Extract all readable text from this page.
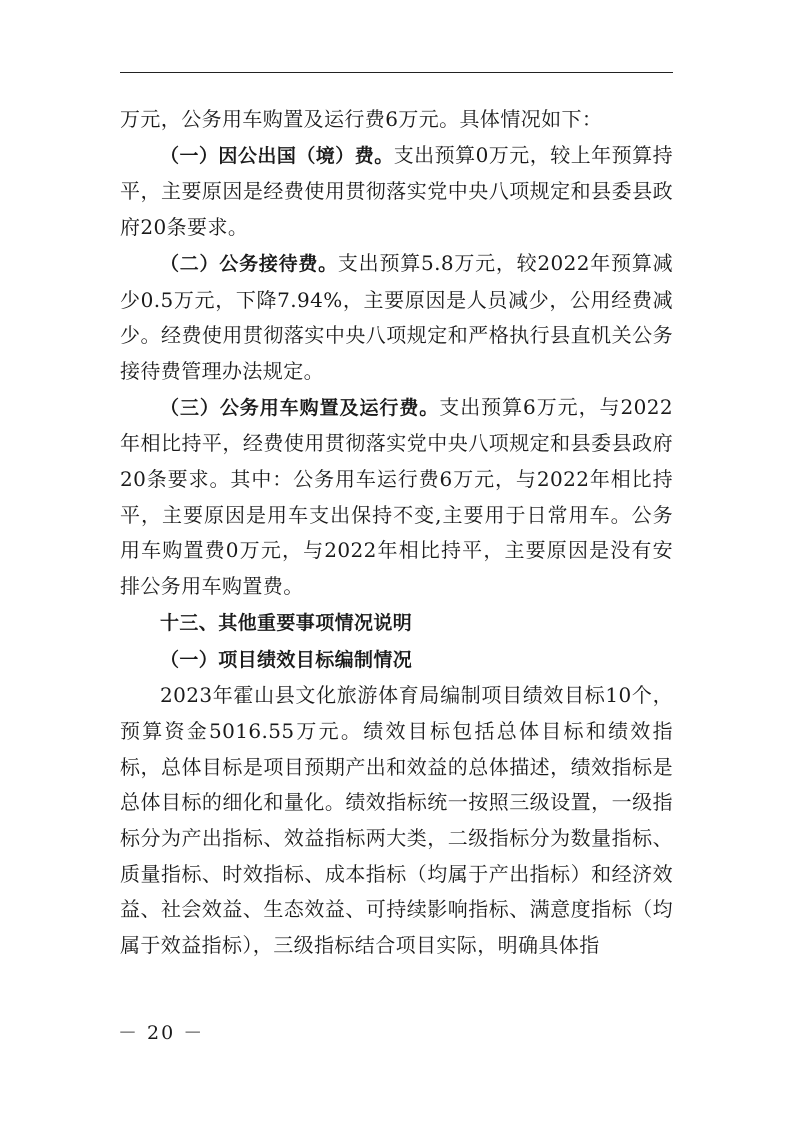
万元，公务用车购置及运行费6万元。具体情况如下：

（一）因公出国（境）费。支出预算0万元，较上年预算持平，主要原因是经费使用贯彻落实党中央八项规定和县委县政府20条要求。

（二）公务接待费。支出预算5.8万元，较2022年预算减少0.5万元，下降7.94%，主要原因是人员减少，公用经费减少。经费使用贯彻落实中央八项规定和严格执行县直机关公务接待费管理办法规定。

（三）公务用车购置及运行费。支出预算6万元，与2022年相比持平，经费使用贯彻落实党中央八项规定和县委县政府20条要求。其中：公务用车运行费6万元，与2022年相比持平，主要原因是用车支出保持不变,主要用于日常用车。公务用车购置费0万元，与2022年相比持平，主要原因是没有安排公务用车购置费。

十三、其他重要事项情况说明

（一）项目绩效目标编制情况

2023年霍山县文化旅游体育局编制项目绩效目标10个，预算资金5016.55万元。绩效目标包括总体目标和绩效指标，总体目标是项目预期产出和效益的总体描述，绩效指标是总体目标的细化和量化。绩效指标统一按照三级设置，一级指标分为产出指标、效益指标两大类，二级指标分为数量指标、质量指标、时效指标、成本指标（均属于产出指标）和经济效益、社会效益、生态效益、可持续影响指标、满意度指标（均属于效益指标），三级指标结合项目实际，明确具体指

－ 20 －
